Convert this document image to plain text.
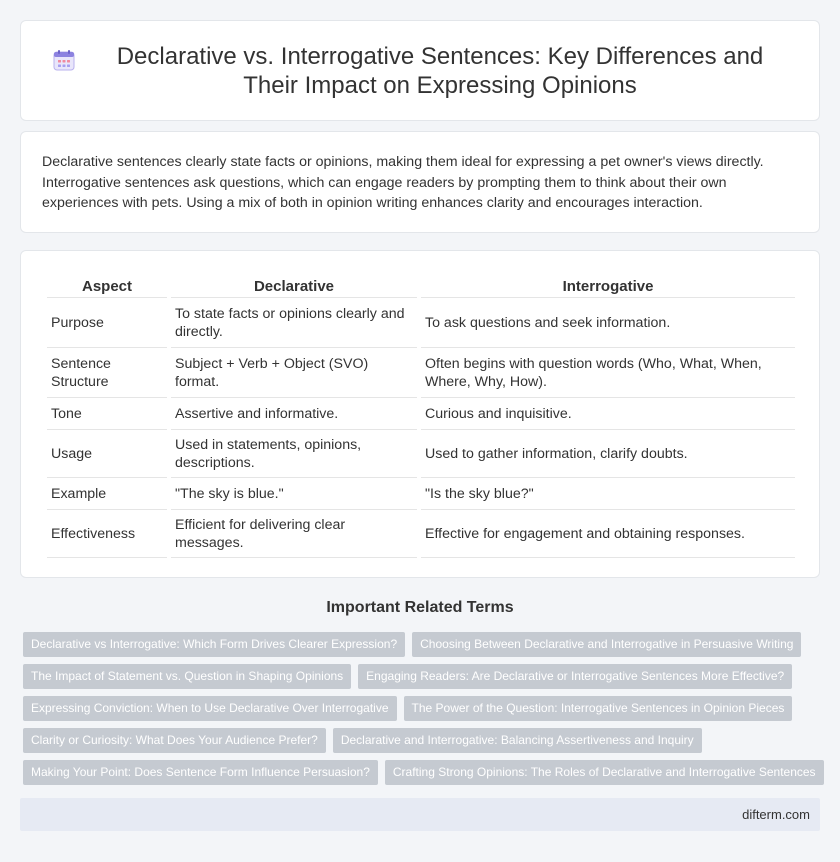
Declarative vs. Interrogative Sentences: Key Differences and Their Impact on Expressing Opinions

Declarative sentences clearly state facts or opinions, making them ideal for expressing a pet owner's views directly. Interrogative sentences ask questions, which can engage readers by prompting them to think about their own experiences with pets. Using a mix of both in opinion writing enhances clarity and encourages interaction.

Aspect	Declarative	Interrogative
Purpose	To state facts or opinions clearly and directly.	To ask questions and seek information.
Sentence Structure	Subject + Verb + Object (SVO) format.	Often begins with question words (Who, What, When, Where, Why, How).
Tone	Assertive and informative.	Curious and inquisitive.
Usage	Used in statements, opinions, descriptions.	Used to gather information, clarify doubts.
Example	"The sky is blue."	"Is the sky blue?"
Effectiveness	Efficient for delivering clear messages.	Effective for engagement and obtaining responses.
Important Related Terms
Declarative vs Interrogative: Which Form Drives Clearer Expression?	Choosing Between Declarative and Interrogative in Persuasive Writing
The Impact of Statement vs. Question in Shaping Opinions	Engaging Readers: Are Declarative or Interrogative Sentences More Effective?
Expressing Conviction: When to Use Declarative Over Interrogative	The Power of the Question: Interrogative Sentences in Opinion Pieces
Clarity or Curiosity: What Does Your Audience Prefer?	Declarative and Interrogative: Balancing Assertiveness and Inquiry
Making Your Point: Does Sentence Form Influence Persuasion?	Crafting Strong Opinions: The Roles of Declarative and Interrogative Sentences
difterm.com
